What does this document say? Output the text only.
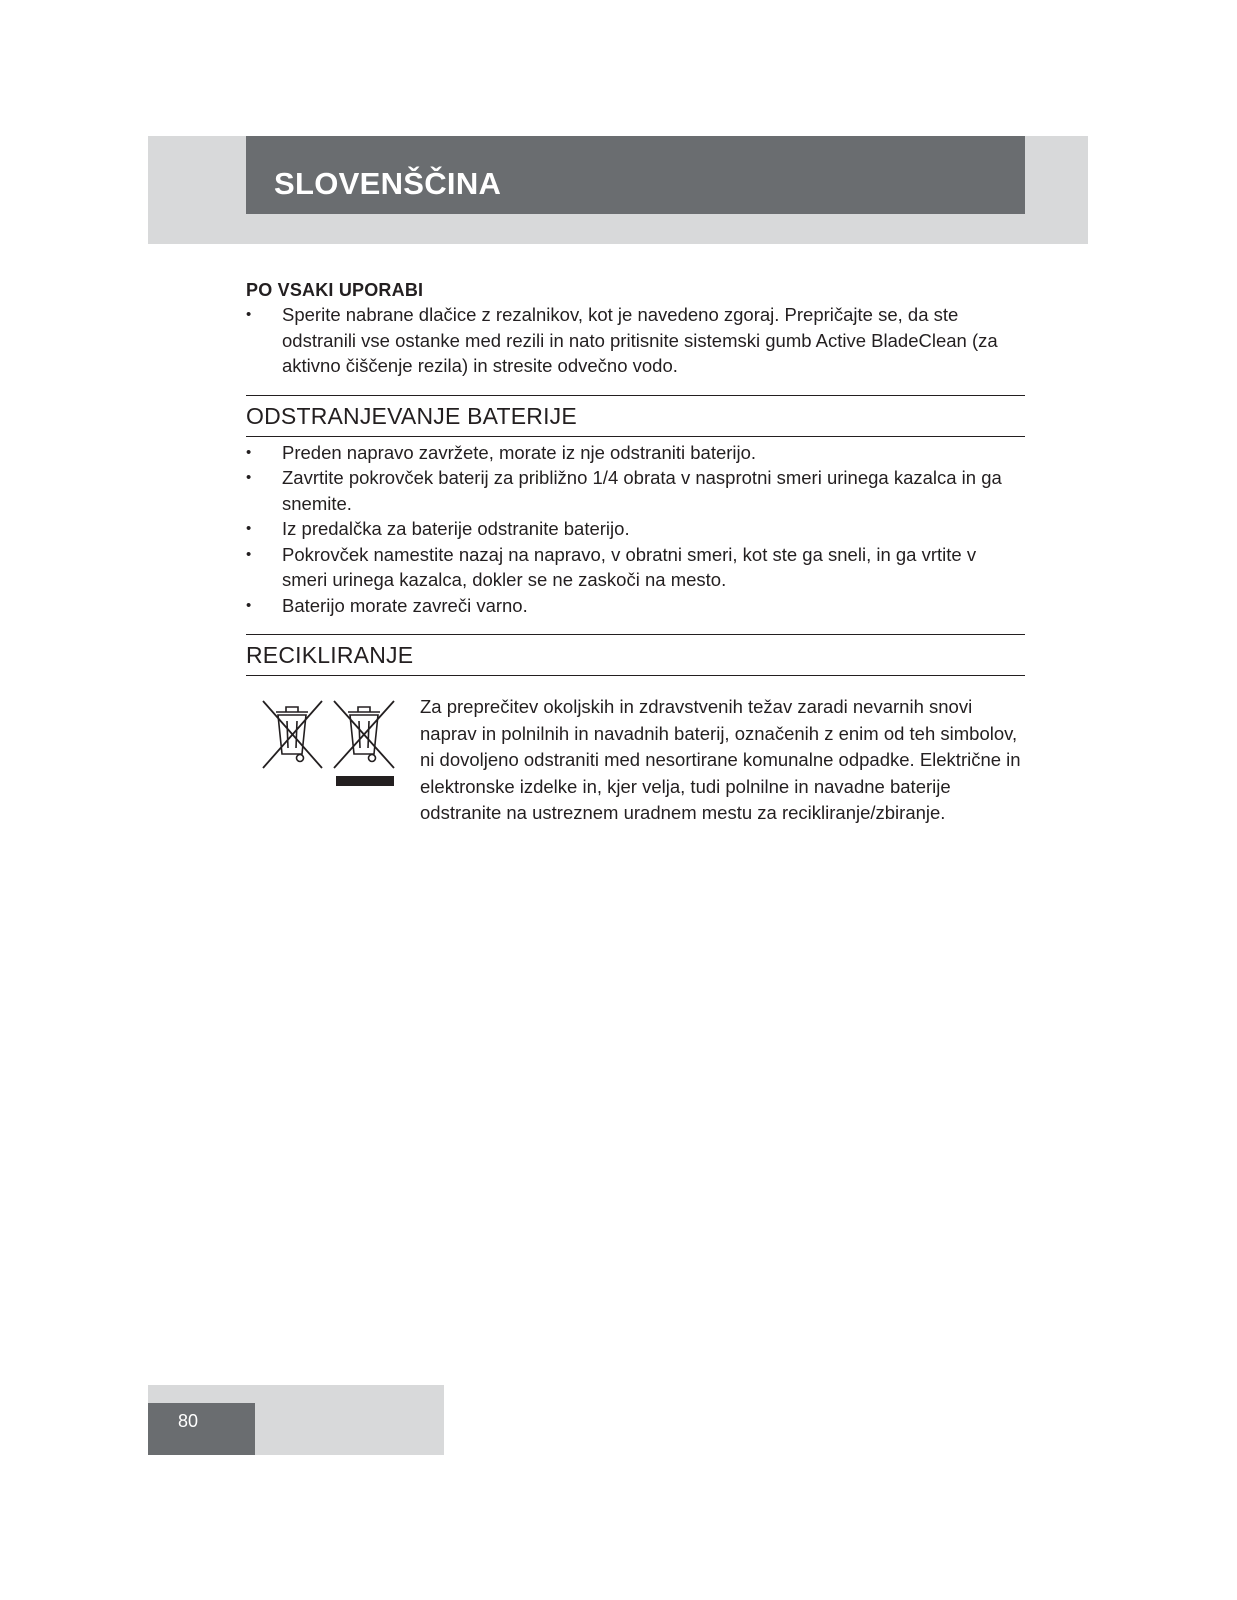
SLOVENŠČINA
PO VSAKI UPORABI
• Sperite nabrane dlačice z rezalnikov, kot je navedeno zgoraj. Prepričajte se, da ste odstranili vse ostanke med rezili in nato pritisnite sistemski gumb Active BladeClean (za aktivno čiščenje rezila) in stresite odvečno vodo.
ODSTRANJEVANJE BATERIJE
• Preden napravo zavržete, morate iz nje odstraniti baterijo.
• Zavrtite pokrovček baterij za približno 1/4 obrata v nasprotni smeri urinega kazalca in ga snemite.
• Iz predalčka za baterije odstranite baterijo.
• Pokrovček namestite nazaj na napravo, v obratni smeri, kot ste ga sneli, in ga vrtite v smeri urinega kazalca, dokler se ne zaskoči na mesto.
• Baterijo morate zavreči varno.
RECIKLIRANJE

Za preprečitev okoljskih in zdravstvenih težav zaradi nevarnih snovi naprav in polnilnih in navadnih baterij, označenih z enim od teh simbolov, ni dovoljeno odstraniti med nesortirane komunalne odpadke. Električne in elektronske izdelke in, kjer velja, tudi polnilne in navadne baterije odstranite na ustreznem uradnem mestu za recikliranje/zbiranje.

80
